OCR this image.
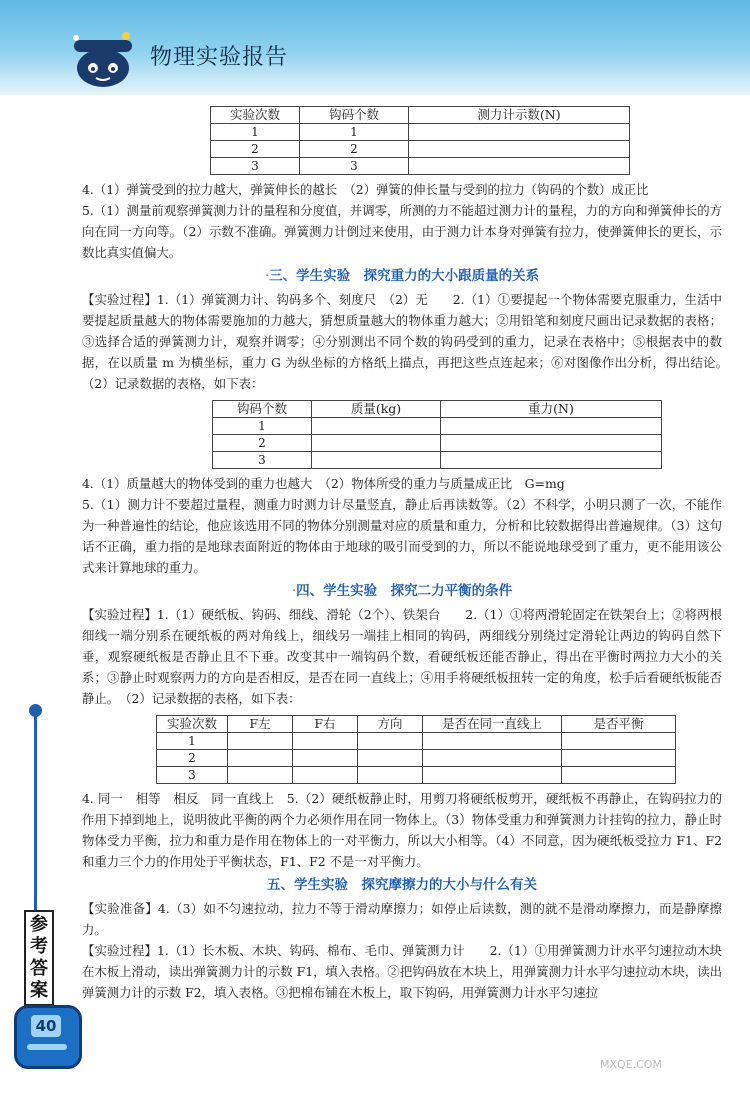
物理实验报告
参考答案
40
实验次数	钩码个数	测力计示数(N)
1	1	
2	2	
3	3	

4.（1）弹簧受到的拉力越大，弹簧伸长的越长　（2）弹簧的伸长量与受到的拉力（钩码的个数）成正比

5.（1）测量前观察弹簧测力计的量程和分度值，并调零，所测的力不能超过测力计的量程，力的方向和弹簧伸长的方向在同一方向等。（2）示数不准确。弹簧测力计倒过来使用，由于测力计本身对弹簧有拉力，使弹簧伸长的更长，示数比真实值偏大。

·三、学生实验　探究重力的大小跟质量的关系

【实验过程】1.（1）弹簧测力计、钩码多个、刻度尺　（2）无　　2.（1）①要提起一个物体需要克服重力，生活中要提起质量越大的物体需要施加的力越大，猜想质量越大的物体重力越大；②用铅笔和刻度尺画出记录数据的表格；③选择合适的弹簧测力计，观察并调零；④分别测出不同个数的钩码受到的重力，记录在表格中；⑤根据表中的数据，在以质量 m 为横坐标，重力 G 为纵坐标的方格纸上描点，再把这些点连起来；⑥对图像作出分析，得出结论。　（2）记录数据的表格，如下表：

钩码个数	质量(kg)	重力(N)
1		
2		
3		

4.（1）质量越大的物体受到的重力也越大　（2）物体所受的重力与质量成正比　G=mg

5.（1）测力计不要超过量程，测重力时测力计尽量竖直，静止后再读数等。（2）不科学，小明只测了一次，不能作为一种普遍性的结论，他应该选用不同的物体分别测量对应的质量和重力，分析和比较数据得出普遍规律。（3）这句话不正确，重力指的是地球表面附近的物体由于地球的吸引而受到的力，所以不能说地球受到了重力，更不能用该公式来计算地球的重力。

·四、学生实验　探究二力平衡的条件

【实验过程】1.（1）硬纸板、钩码、细线、滑轮（2个）、铁架台　　2.（1）①将两滑轮固定在铁架台上；②将两根细线一端分别系在硬纸板的两对角线上，细线另一端挂上相同的钩码，两细线分别绕过定滑轮让两边的钩码自然下垂，观察硬纸板是否静止且不下垂。改变其中一端钩码个数，看硬纸板还能否静止，得出在平衡时两拉力大小的关系；③静止时观察两力的方向是否相反，是否在同一直线上；④用手将硬纸板扭转一定的角度，松手后看硬纸板能否静止。　（2）记录数据的表格，如下表：

实验次数	F左	F右	方向	是否在同一直线上	是否平衡
1					
2					
3					

4. 同一　相等　相反　同一直线上　5.（2）硬纸板静止时，用剪刀将硬纸板剪开，硬纸板不再静止，在钩码拉力的作用下掉到地上，说明彼此平衡的两个力必须作用在同一物体上。（3）物体受重力和弹簧测力计挂钩的拉力，静止时物体受力平衡，拉力和重力是作用在物体上的一对平衡力，所以大小相等。（4）不同意，因为硬纸板受拉力 F1、F2 和重力三个力的作用处于平衡状态，F1、F2 不是一对平衡力。

五、学生实验　探究摩擦力的大小与什么有关

【实验准备】4.（3）如不匀速拉动，拉力不等于滑动摩擦力；如停止后读数，测的就不是滑动摩擦力，而是静摩擦力。

【实验过程】1.（1）长木板、木块、钩码、棉布、毛巾、弹簧测力计　　2.（1）①用弹簧测力计水平匀速拉动木块在木板上滑动，读出弹簧测力计的示数 F1，填入表格。②把钩码放在木块上，用弹簧测力计水平匀速拉动木块，读出弹簧测力计的示数 F2，填入表格。③把棉布铺在木板上，取下钩码，用弹簧测力计水平匀速拉

MXQE.COM
